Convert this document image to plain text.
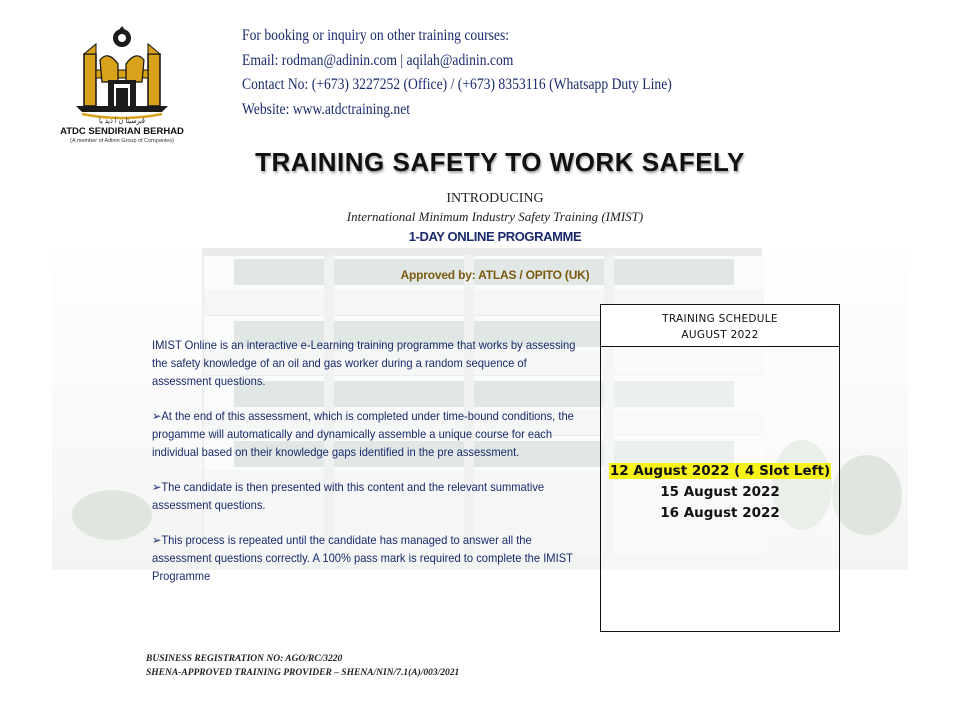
ﭬيرسيتا ن ا ديد يا
ATDC SENDIRIAN BERHAD
(A member of Adinin Group of Companies)
For booking or inquiry on other training courses:
Email: rodman@adinin.com | aqilah@adinin.com
Contact No: (+673) 3227252 (Office) / (+673) 8353116 (Whatsapp Duty Line)
Website: www.atdctraining.net
TRAINING SAFETY TO WORK SAFELY
INTRODUCING
International Minimum Industry Safety Training (IMIST)
1-DAY ONLINE PROGRAMME
Approved by: ATLAS / OPITO (UK)

IMIST Online is an interactive e-Learning training programme that works by assessing the safety knowledge of an oil and gas worker during a random sequence of assessment questions.

➢At the end of this assessment, which is completed under time-bound conditions, the progamme will automatically and dynamically assemble a unique course for each individual based on their knowledge gaps identified in the pre assessment.

➢The candidate is then presented with this content and the relevant summative assessment questions.

➢This process is repeated until the candidate has managed to answer all the assessment questions correctly. A 100% pass mark is required to complete the IMIST Programme

TRAINING SCHEDULE
AUGUST 2022
12 August 2022 ( 4 Slot Left)
15 August 2022
16 August 2022
BUSINESS REGISTRATION NO: AGO/RC/3220
SHENA-APPROVED TRAINING PROVIDER – SHENA/NIN/7.1(A)/003/2021
